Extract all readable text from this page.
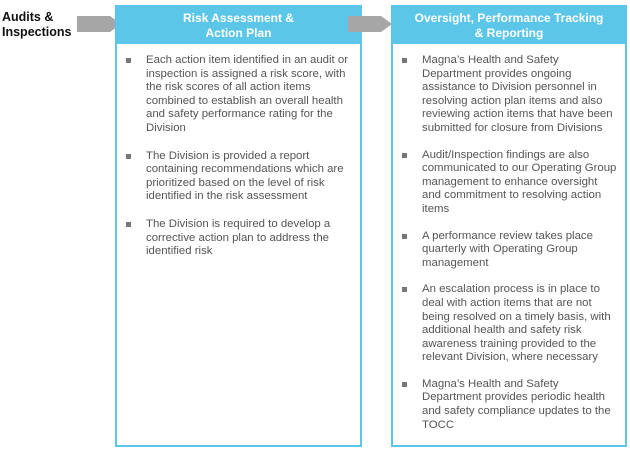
Audits & Inspections
Risk Assessment & Action Plan
Each action item identified in an audit or inspection is assigned a risk score, with the risk scores of all action items combined to establish an overall health and safety performance rating for the Division
The Division is provided a report containing recommendations which are prioritized based on the level of risk identified in the risk assessment
The Division is required to develop a corrective action plan to address the identified risk
Oversight, Performance Tracking & Reporting
Magna’s Health and Safety Department provides ongoing assistance to Division personnel in resolving action plan items and also reviewing action items that have been submitted for closure from Divisions
Audit/Inspection findings are also communicated to our Operating Group management to enhance oversight and commitment to resolving action items
A performance review takes place quarterly with Operating Group management
An escalation process is in place to deal with action items that are not being resolved on a timely basis, with additional health and safety risk awareness training provided to the relevant Division, where necessary
Magna’s Health and Safety Department provides periodic health and safety compliance updates to the TOCC
